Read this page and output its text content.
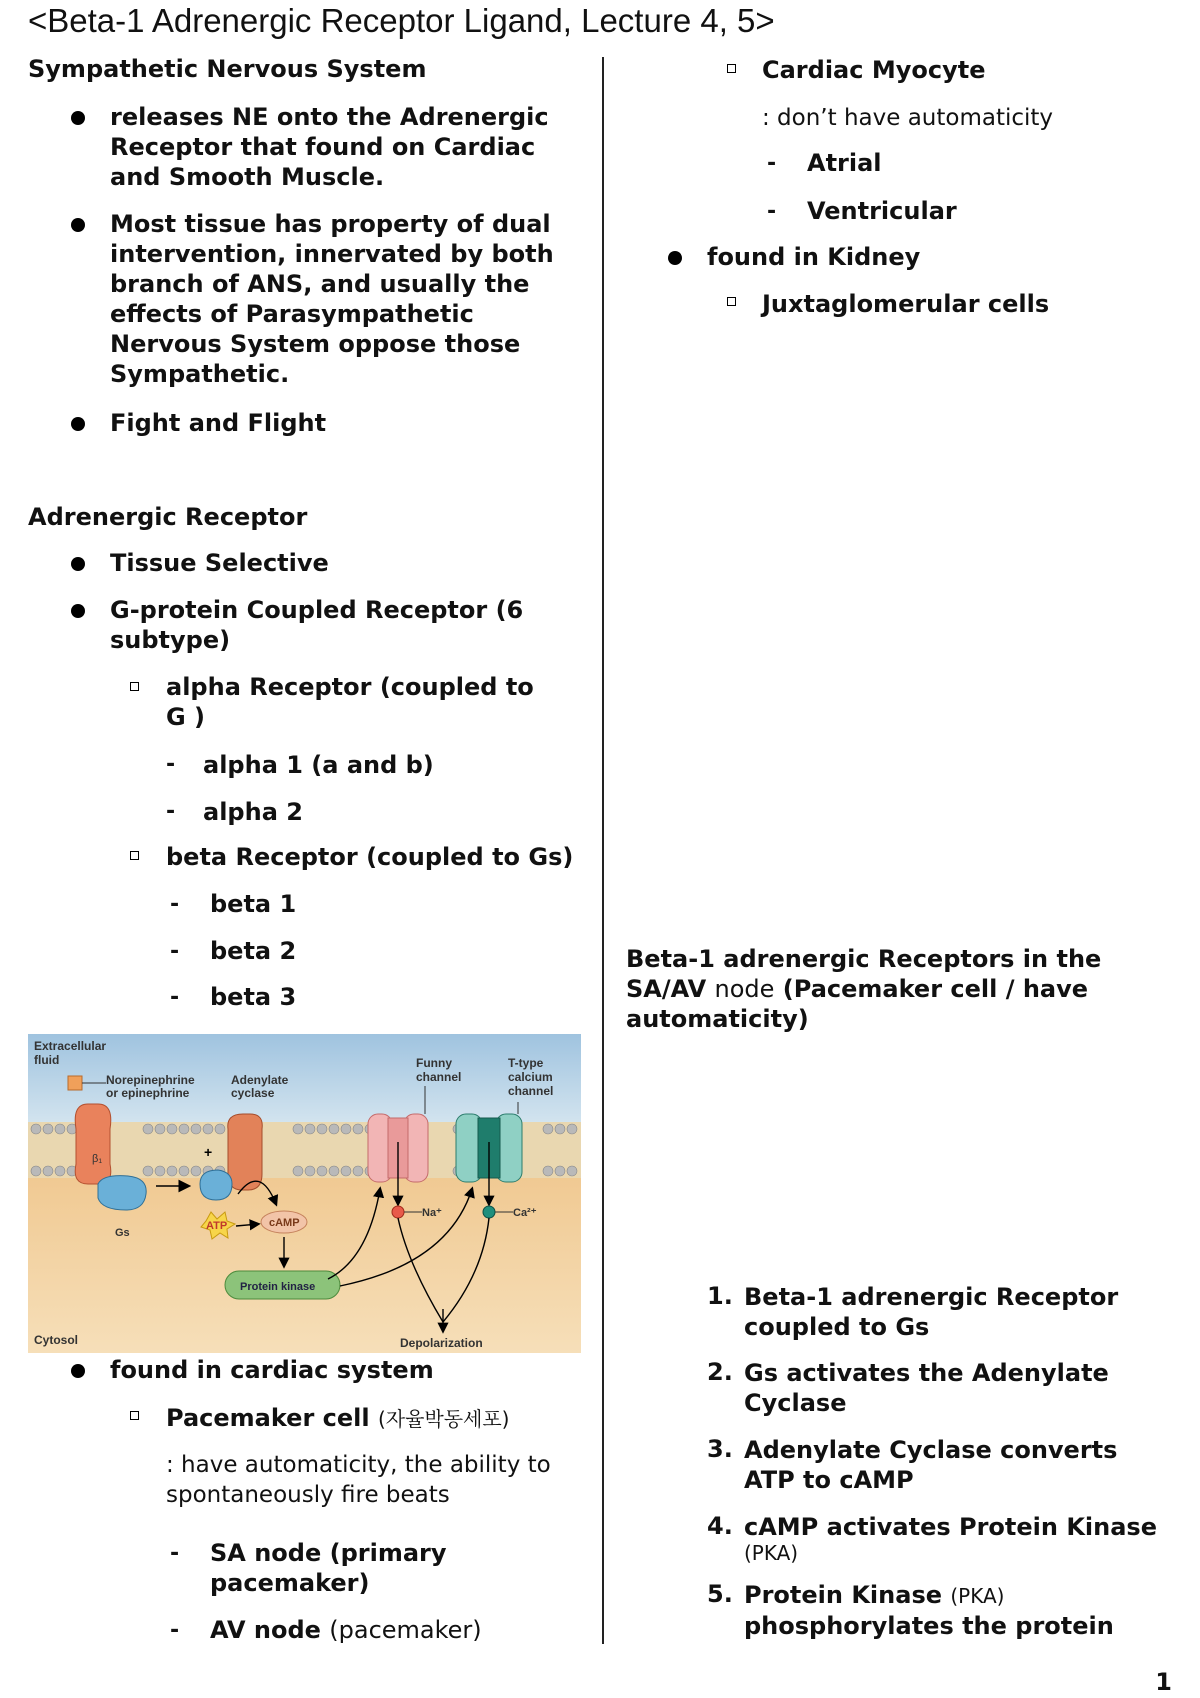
<Beta-1 Adrenergic Receptor Ligand, Lecture 4, 5>
Sympathetic Nervous System
releases NE onto the Adrenergic Receptor that found on Cardiac and Smooth Muscle.
Most tissue has property of dual intervention, innervated by both branch of ANS, and usually the effects of Parasympathetic Nervous System oppose those Sympathetic.
Fight and Flight
Adrenergic Receptor
Tissue Selective
G-protein Coupled Receptor (6 subtype)
alpha Receptor (coupled to G )
- alpha 1 (a and b)
- alpha 2
beta Receptor (coupled to Gs)
- beta 1
- beta 2
- beta 3
Extracellular fluid
Norepinephrine or epinephrine
Adenylate cyclase
Funny channel
T-type calcium channel
β₁
Gs
+
ATP	cAMP
Protein kinase
Na⁺	Ca²⁺
Depolarization
Cytosol
found in cardiac system
Pacemaker cell (자율박동세포)
: have automaticity, the ability to spontaneously fire beats
- SA node (primary pacemaker)
- AV node (pacemaker)
Cardiac Myocyte
: don’t have automaticity
- Atrial
- Ventricular
found in Kidney
Juxtaglomerular cells
Beta-1 adrenergic Receptors in the
SA/AV node (Pacemaker cell / have
automaticity)
1. Beta-1 adrenergic Receptor
coupled to Gs
2. Gs activates the Adenylate
Cyclase
3. Adenylate Cyclase converts
ATP to cAMP
4. cAMP activates Protein Kinase
(PKA)
5. Protein Kinase (PKA)
phosphorylates the protein
1
